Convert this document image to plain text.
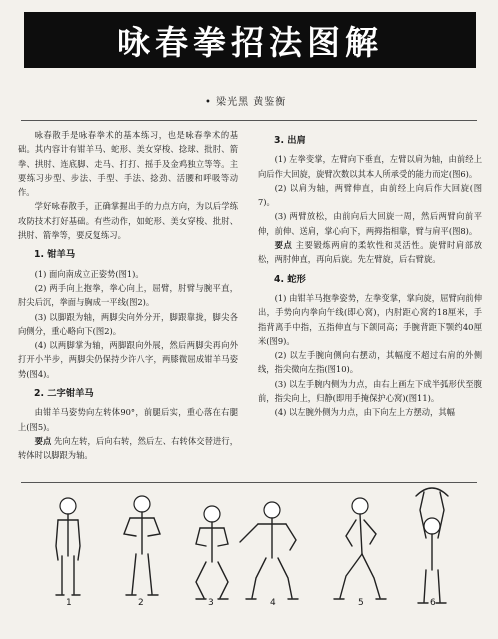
咏春拳招法图解
• 梁光黑 黄鉴衡

咏春散手是咏春拳术的基本练习，也是咏春拳术的基础。其内容计有钳羊马、蛇形、美女穿梭、捻球、批肘、箭拳、拱肘、连底脚、走马、打打、摇手及金鸡独立等等。主要练习步型、步法、手型、手法、捻劲、活腰和呼吸等动作。

学好咏春散手，正确掌握出手的力点方向，为以后学练攻防技术打好基础。有些动作，如蛇形、美女穿梭、批肘、拱肘、箭拳等，要反复练习。

1. 钳羊马

(1) 面向南成立正姿势(图1)。

(2) 两手向上抱拳，拳心向上，屈臂，肘臂与腕平直，肘尖后沉，拳面与胸成一平线(图2)。

(3) 以脚跟为轴，两脚尖向外分开，脚跟靠拢，脚尖各向侧分，重心略向下(图2)。

(4) 以两脚掌为轴，两脚跟向外展，然后两脚尖再向外打开小半步，两脚尖仍保持少许八字，两膝微屈成钳羊马姿势(图4)。

2. 二字钳羊马

由钳羊马姿势向左转体90°，前腿后实，重心落在右腿上(图5)。

要点 先向左转，后向右转，然后左、右转体交替进行，转体时以脚跟为轴。

3. 出肩

(1) 左拳变掌，左臂向下垂直，左臂以肩为轴，由前经上向后作大回旋，旋臂次数以其本人所承受的能力而定(图6)。

(2) 以肩为轴，两臂伸直，由前经上向后作大回旋(图7)。

(3) 两臂放松，由前向后大回旋一周，然后两臂向前平伸，前伸、送肩，掌心向下，两拇指相靠，臂与肩平(图8)。

要点 主要锻炼两肩的柔软性和灵活性。旋臂时肩部放松，两肘伸直，再向后旋。先左臂旋，后右臂旋。

4. 蛇形

(1) 由钳羊马抱拳姿势，左拳变掌，掌向旋，屈臂向前伸出，手势向内拳向午线(即心窝)，内肘距心窝约18厘米，手指背离手中指，五指伸直与下颌同高；手腕背距下颚约40厘米(图9)。

(2) 以左手腕向侧向右摆动，其幅度不超过右肩的外侧线，指尖微向左指(图10)。

(3) 以左手腕内侧为力点，由右上画左下成半弧形伏至腹前，指尖向上，归静(即用手掩保护心窝)(图11)。

(4) 以左腕外侧为力点，由下向左上方摆动，其幅

1	2	3	4	5	6
